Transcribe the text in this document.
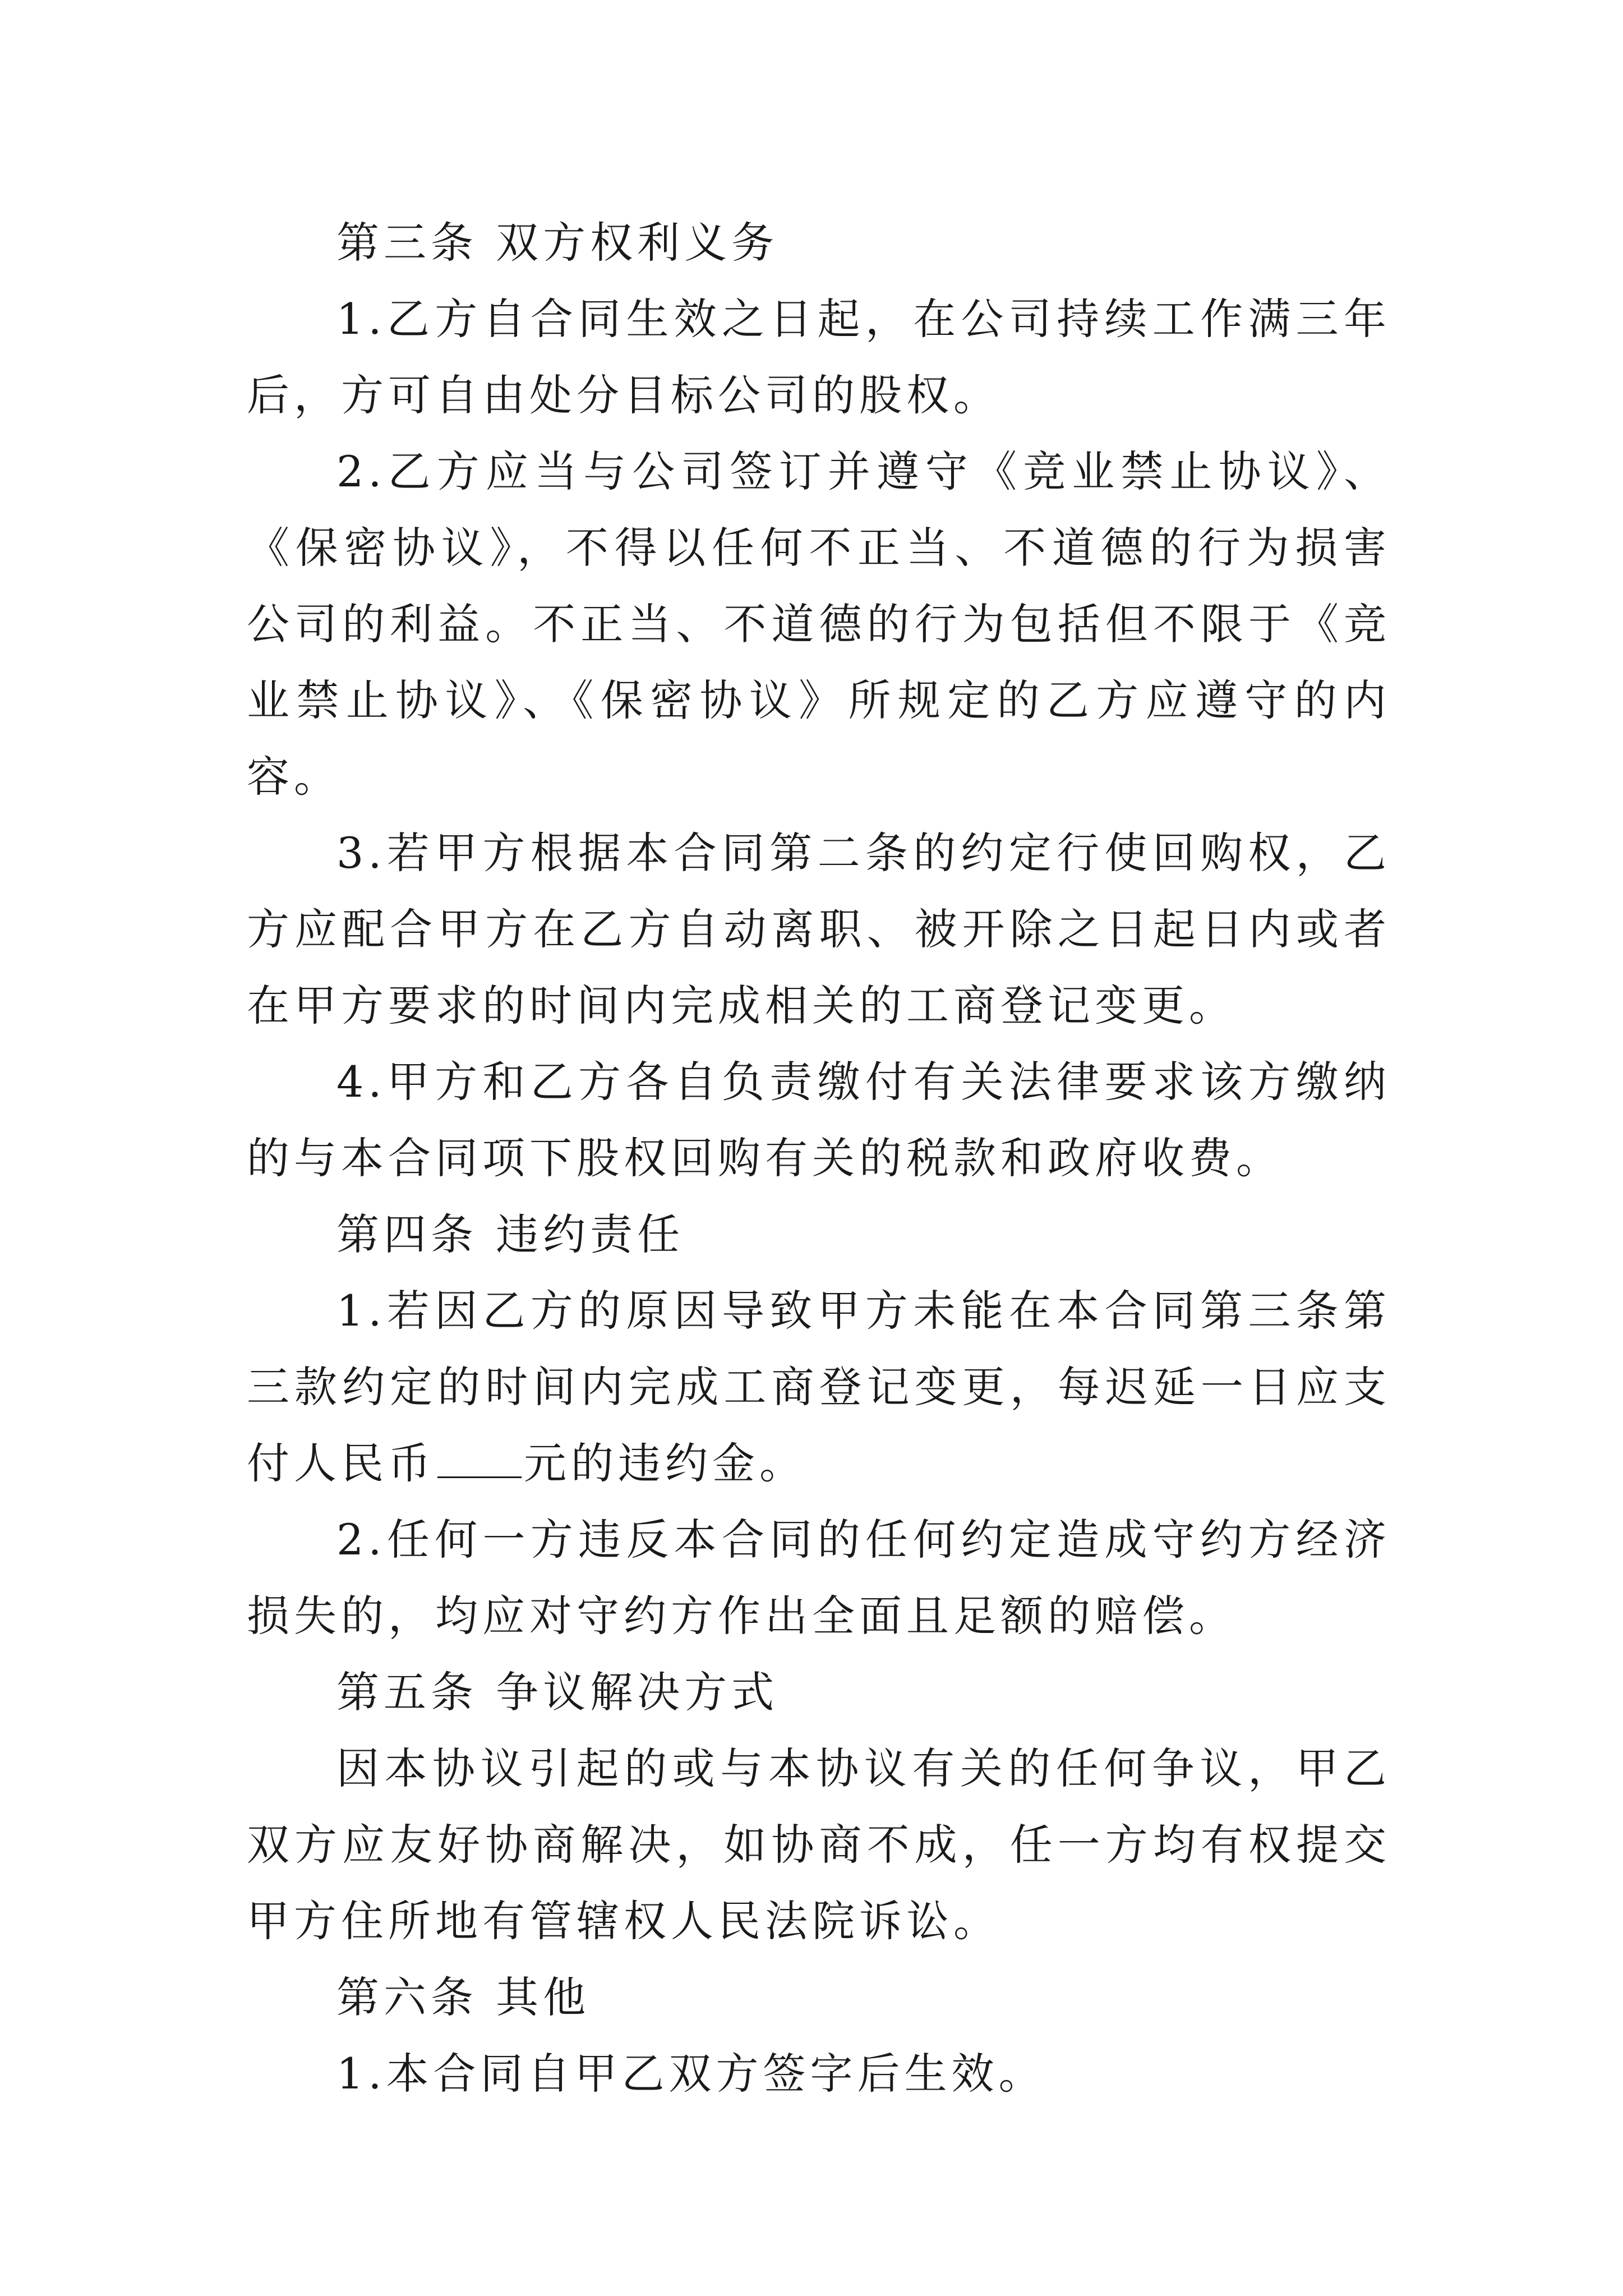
第三条 双方权利义务

1.乙方自合同生效之日起，在公司持续工作满三年后，方可自由处分目标公司的股权。

2.乙方应当与公司签订并遵守《竞业禁止协议》、《保密协议》，不得以任何不正当、不道德的行为损害公司的利益。不正当、不道德的行为包括但不限于《竞业禁止协议》、《保密协议》所规定的乙方应遵守的内容。

3.若甲方根据本合同第二条的约定行使回购权，乙方应配合甲方在乙方自动离职、被开除之日起日内或者在甲方要求的时间内完成相关的工商登记变更。

4.甲方和乙方各自负责缴付有关法律要求该方缴纳的与本合同项下股权回购有关的税款和政府收费。

第四条 违约责任

1.若因乙方的原因导致甲方未能在本合同第三条第三款约定的时间内完成工商登记变更，每迟延一日应支付人民币 元的违约金。

2.任何一方违反本合同的任何约定造成守约方经济损失的，均应对守约方作出全面且足额的赔偿。

第五条 争议解决方式

因本协议引起的或与本协议有关的任何争议，甲乙双方应友好协商解决，如协商不成，任一方均有权提交甲方住所地有管辖权人民法院诉讼。

第六条 其他

1.本合同自甲乙双方签字后生效。
